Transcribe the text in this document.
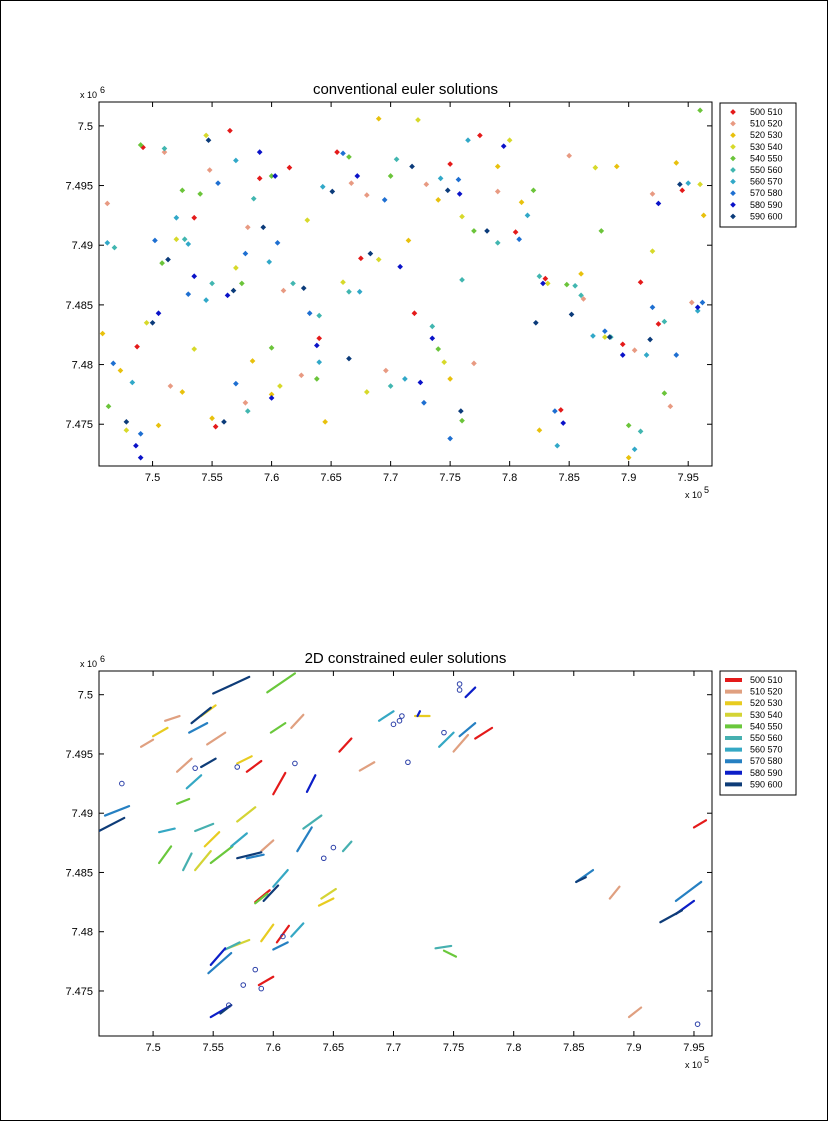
conventional euler solutions
7.5	7.55	7.6	7.65	7.7	7.75	7.8	7.85	7.9	7.95
7.475
7.48
7.485
7.49
7.495
7.5
x 10 6
x 10 5
500 510
510 520
520 530
530 540
540 550
550 560
560 570
570 580
580 590
590 600
2D constrained euler solutions
7.5	7.55	7.6	7.65	7.7	7.75	7.8	7.85	7.9	7.95
7.475
7.48
7.485
7.49
7.495
7.5
x 10 6
x 10 5
500 510
510 520
520 530
530 540
540 550
550 560
560 570
570 580
580 590
590 600
